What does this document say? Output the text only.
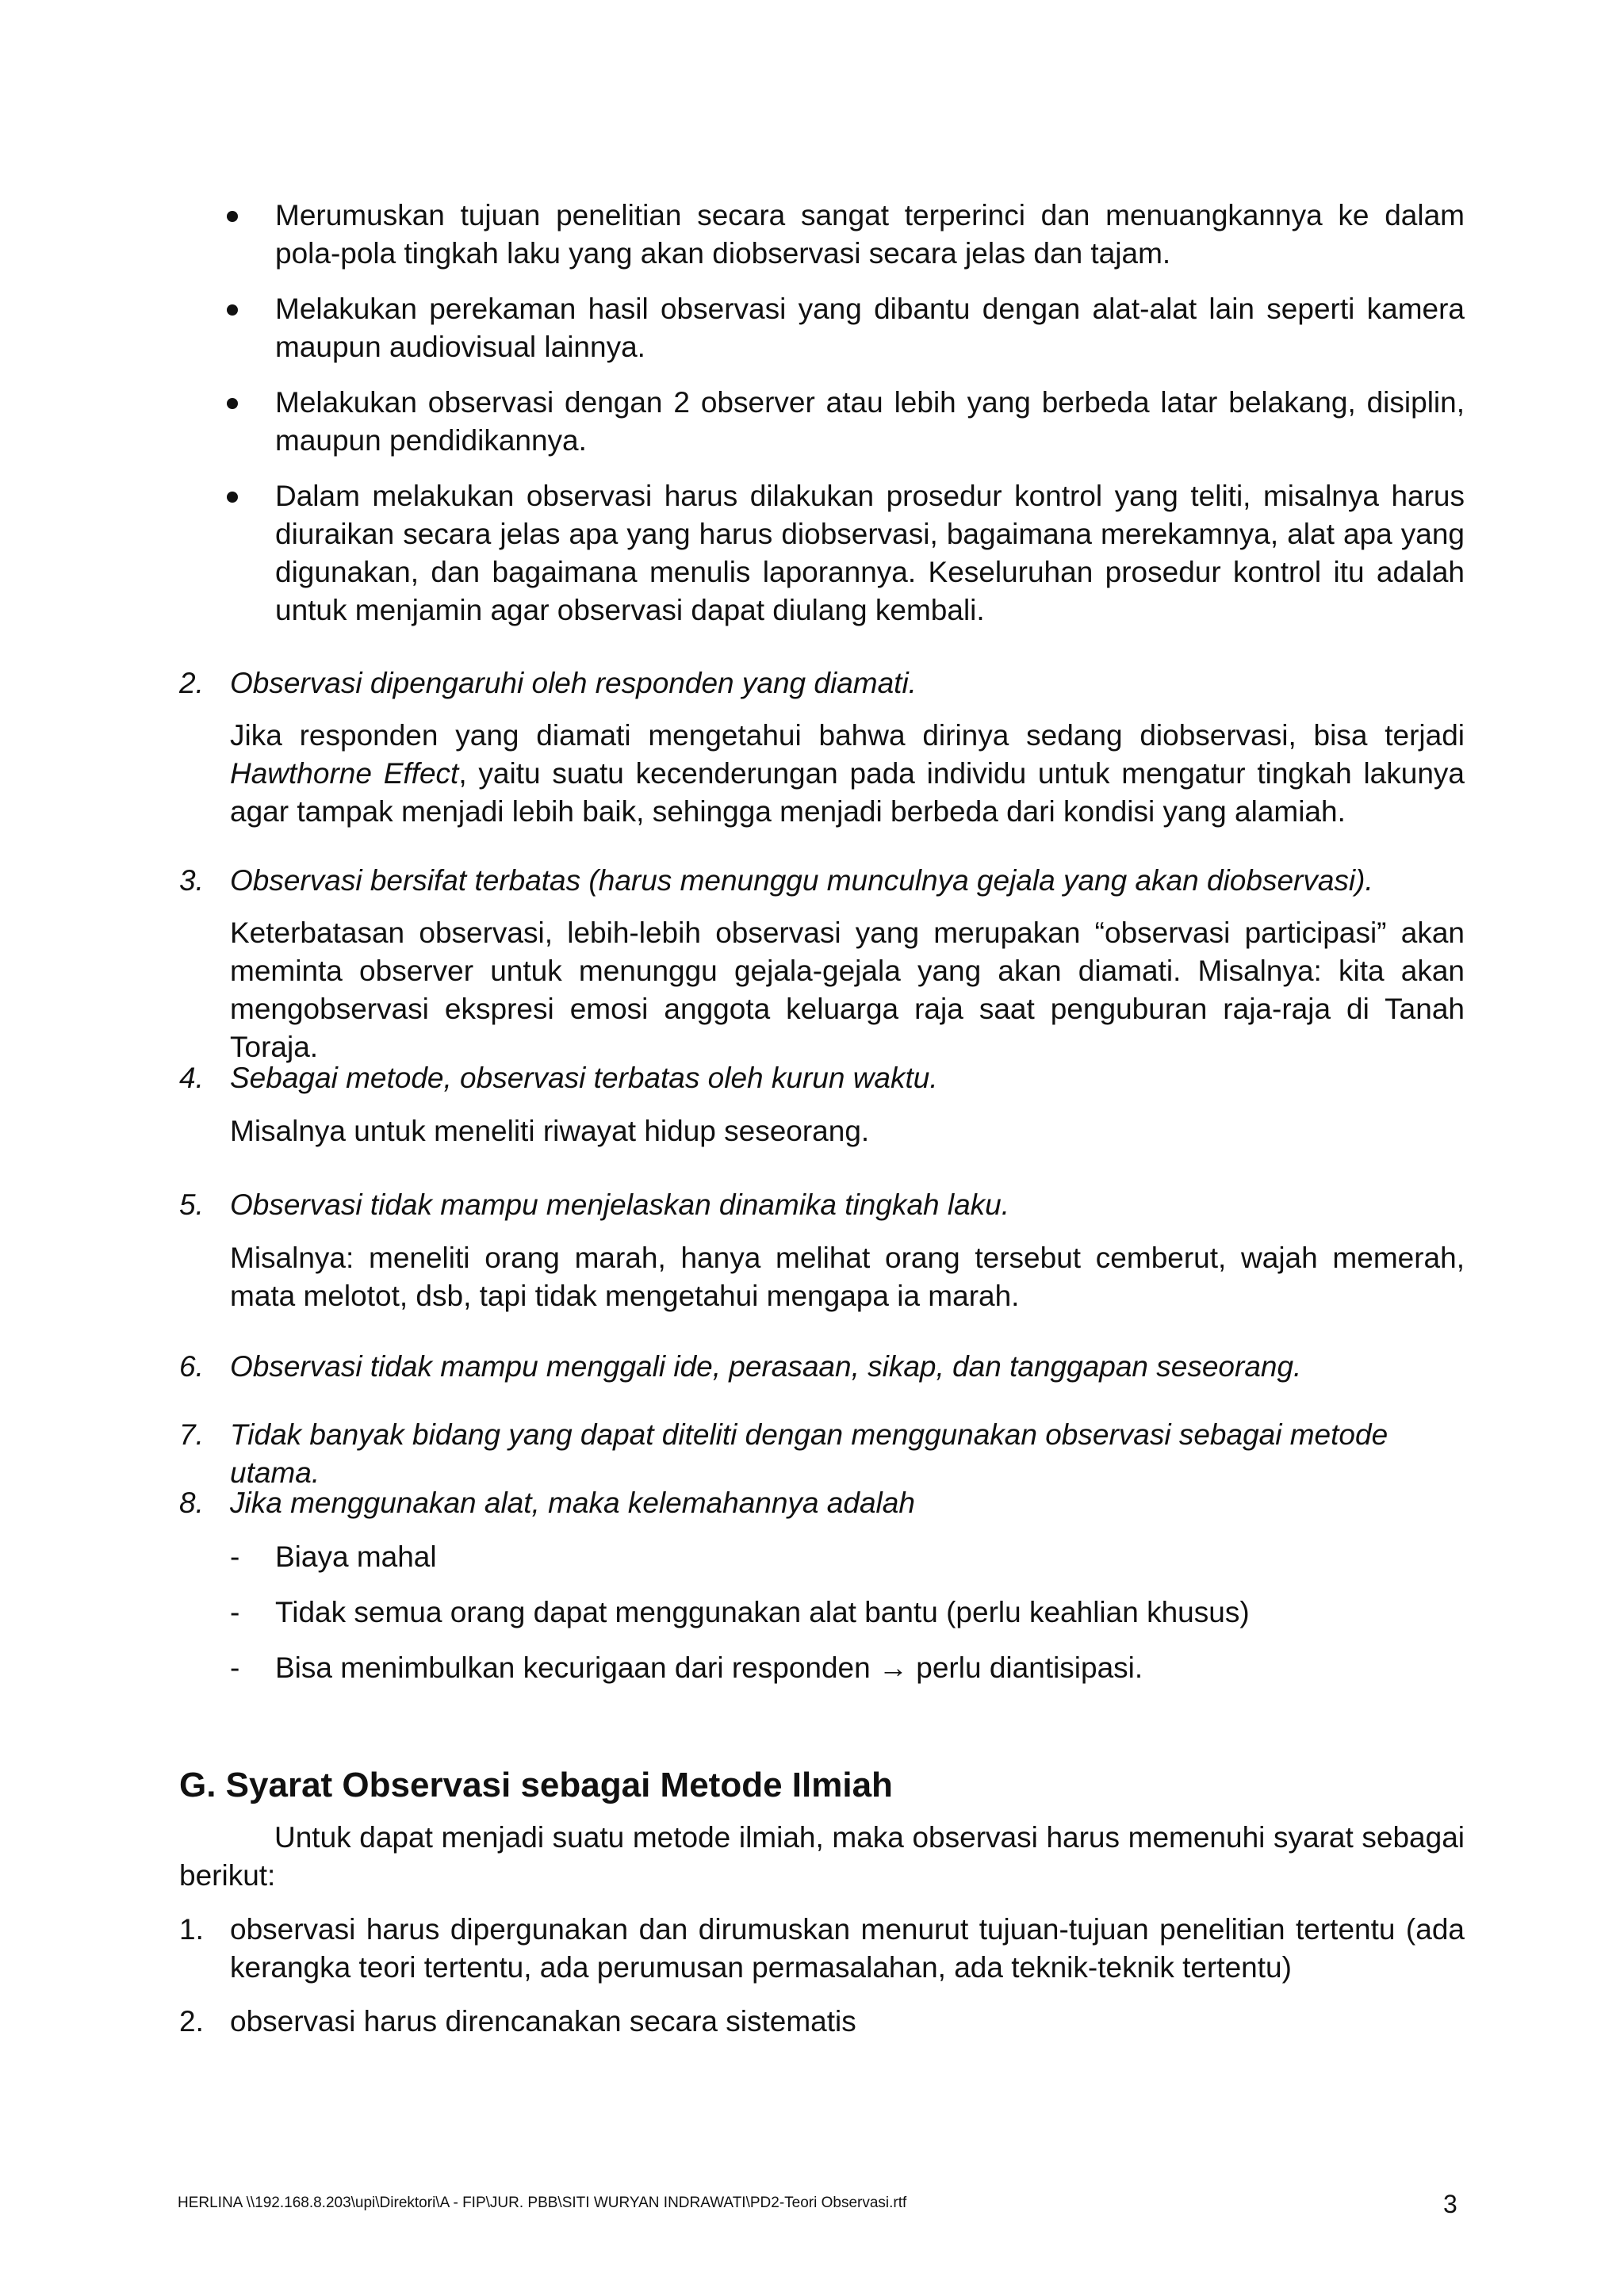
Merumuskan tujuan penelitian secara sangat terperinci dan menuangkannya ke dalam pola-pola tingkah laku yang akan diobservasi secara jelas dan tajam.

Melakukan perekaman hasil observasi yang dibantu dengan alat-alat lain seperti kamera maupun audiovisual lainnya.

Melakukan observasi dengan 2 observer atau lebih yang berbeda latar belakang, disiplin, maupun pendidikannya.

Dalam melakukan observasi harus dilakukan prosedur kontrol yang teliti, misalnya harus diuraikan secara jelas apa yang harus diobservasi, bagaimana merekamnya, alat apa yang digunakan, dan bagaimana menulis laporannya. Keseluruhan prosedur kontrol itu adalah untuk menjamin agar observasi dapat diulang kembali.

2. Observasi dipengaruhi oleh responden yang diamati.

Jika responden yang diamati mengetahui bahwa dirinya sedang diobservasi, bisa terjadi Hawthorne Effect, yaitu suatu kecenderungan pada individu untuk mengatur tingkah lakunya agar tampak menjadi lebih baik, sehingga menjadi berbeda dari kondisi yang alamiah.

3. Observasi bersifat terbatas (harus menunggu munculnya gejala yang akan diobservasi).

Keterbatasan observasi, lebih-lebih observasi yang merupakan “observasi participasi” akan meminta observer untuk menunggu gejala-gejala yang akan diamati. Misalnya: kita akan mengobservasi ekspresi emosi anggota keluarga raja saat penguburan raja-raja di Tanah Toraja.

4. Sebagai metode, observasi terbatas oleh kurun waktu.

Misalnya untuk meneliti riwayat hidup seseorang.

5. Observasi tidak mampu menjelaskan dinamika tingkah laku.

Misalnya: meneliti orang marah, hanya melihat orang tersebut cemberut, wajah memerah, mata melotot, dsb, tapi tidak mengetahui mengapa ia marah.

6. Observasi tidak mampu menggali ide, perasaan, sikap, dan tanggapan seseorang.

7. Tidak banyak bidang yang dapat diteliti dengan menggunakan observasi sebagai metode utama.

8. Jika menggunakan alat, maka kelemahannya adalah

- Biaya mahal

- Tidak semua orang dapat menggunakan alat bantu (perlu keahlian khusus)

- Bisa menimbulkan kecurigaan dari responden → perlu diantisipasi.

G. Syarat Observasi sebagai Metode Ilmiah

Untuk dapat menjadi suatu metode ilmiah, maka observasi harus memenuhi syarat sebagai berikut:

1. observasi harus dipergunakan dan dirumuskan menurut tujuan-tujuan penelitian tertentu (ada kerangka teori tertentu, ada perumusan permasalahan, ada teknik-teknik tertentu)

2. observasi harus direncanakan secara sistematis

HERLINA \\192.168.8.203\upi\Direktori\A - FIP\JUR. PBB\SITI WURYAN INDRAWATI\PD2-Teori Observasi.rtf	3
